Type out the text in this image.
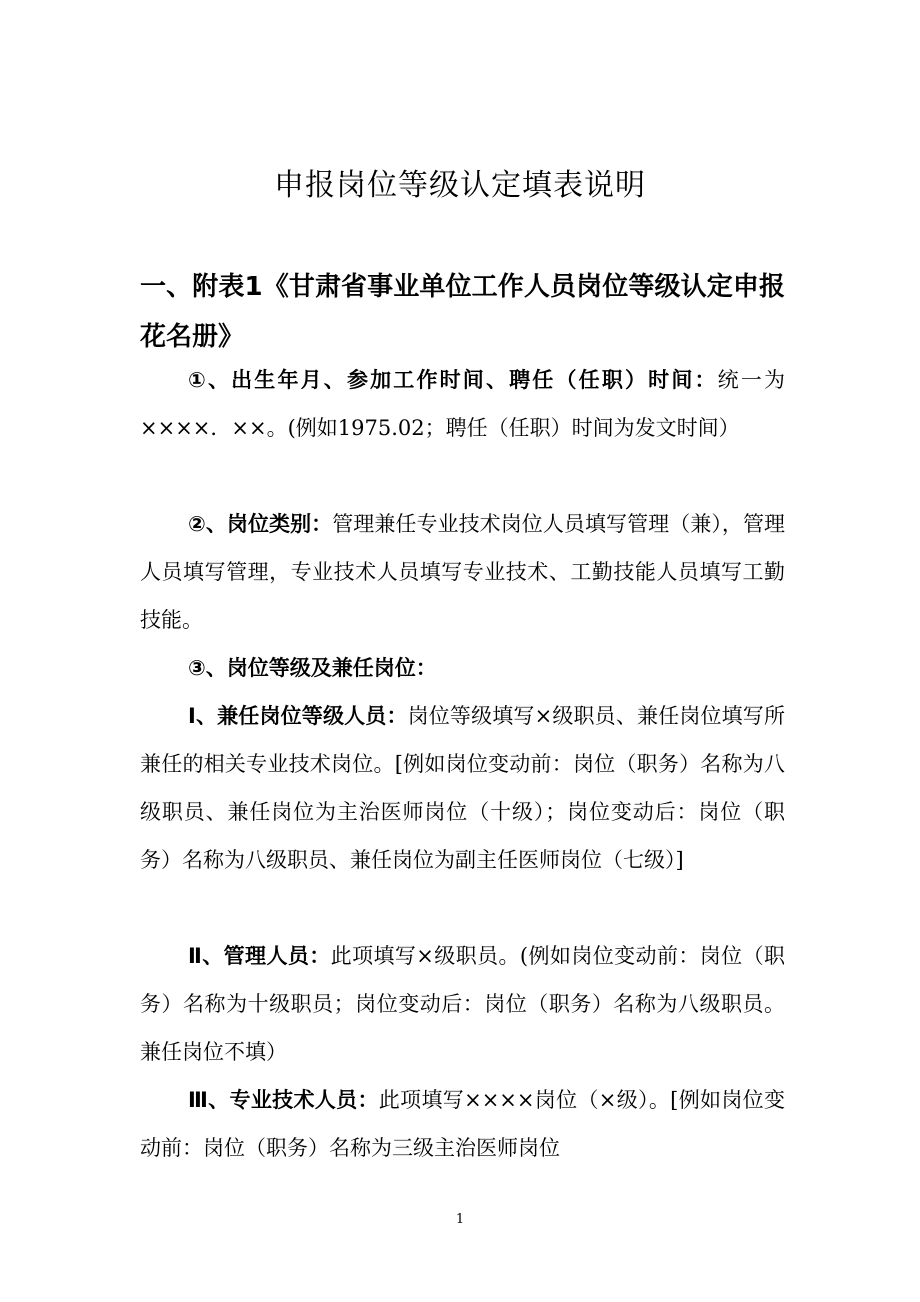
申报岗位等级认定填表说明
一、附表1《甘肃省事业单位工作人员岗位等级认定申报花名册》
①、出生年月、参加工作时间、聘任（任职）时间：统一为××××．××。(例如1975.02；聘任（任职）时间为发文时间）
②、岗位类别：管理兼任专业技术岗位人员填写管理（兼），管理人员填写管理，专业技术人员填写专业技术、工勤技能人员填写工勤技能。
③、岗位等级及兼任岗位：
Ⅰ、兼任岗位等级人员：岗位等级填写×级职员、兼任岗位填写所兼任的相关专业技术岗位。[例如岗位变动前：岗位（职务）名称为八级职员、兼任岗位为主治医师岗位（十级）；岗位变动后：岗位（职务）名称为八级职员、兼任岗位为副主任医师岗位（七级）]
Ⅱ、管理人员：此项填写×级职员。(例如岗位变动前：岗位（职务）名称为十级职员；岗位变动后：岗位（职务）名称为八级职员。兼任岗位不填）
Ⅲ、专业技术人员：此项填写××××岗位（×级）。[例如岗位变动前：岗位（职务）名称为三级主治医师岗位
1
